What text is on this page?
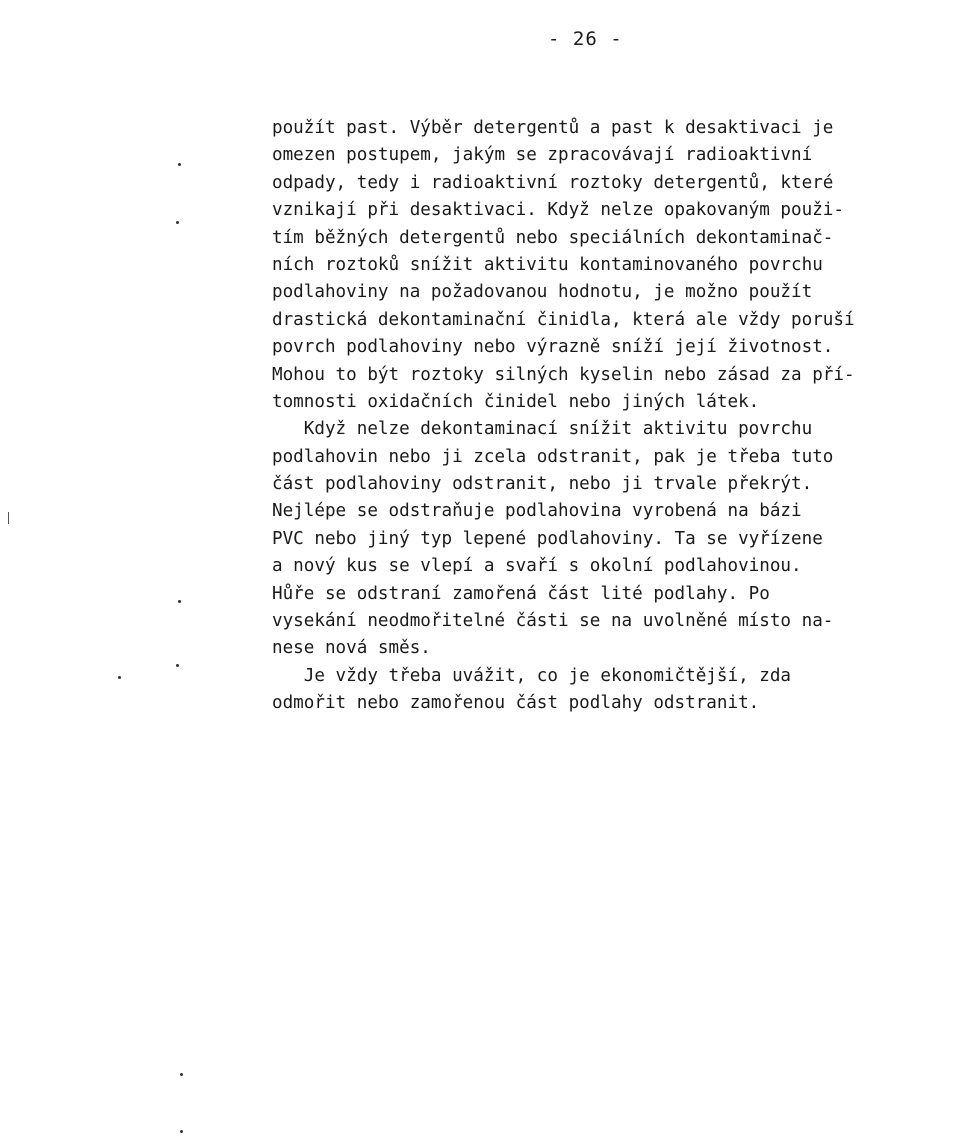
- 26 -
použít past. Výběr detergentů a past k desaktivaci je
omezen postupem, jakým se zpracovávají radioaktivní
odpady, tedy i radioaktivní roztoky detergentů, které
vznikají při desaktivaci. Když nelze opakovaným použi-
tím běžných detergentů nebo speciálních dekontaminač-
ních roztoků snížit aktivitu kontaminovaného povrchu
podlahoviny na požadovanou hodnotu, je možno použít
drastická dekontaminační činidla, která ale vždy poruší
povrch podlahoviny nebo výrazně sníží její životnost.
Mohou to být roztoky silných kyselin nebo zásad za pří-
tomnosti oxidačních činidel nebo jiných látek.
Když nelze dekontaminací snížit aktivitu povrchu
podlahovin nebo ji zcela odstranit, pak je třeba tuto
část podlahoviny odstranit, nebo ji trvale překrýt.
Nejlépe se odstraňuje podlahovina vyrobená na bázi
PVC nebo jiný typ lepené podlahoviny. Ta se vyřízene
a nový kus se vlepí a svaří s okolní podlahovinou.
Hůře se odstraní zamořená část lité podlahy. Po
vysekání neodmořitelné části se na uvolněné místo na-
nese nová směs.
Je vždy třeba uvážit, co je ekonomičtější, zda
odmořit nebo zamořenou část podlahy odstranit.
